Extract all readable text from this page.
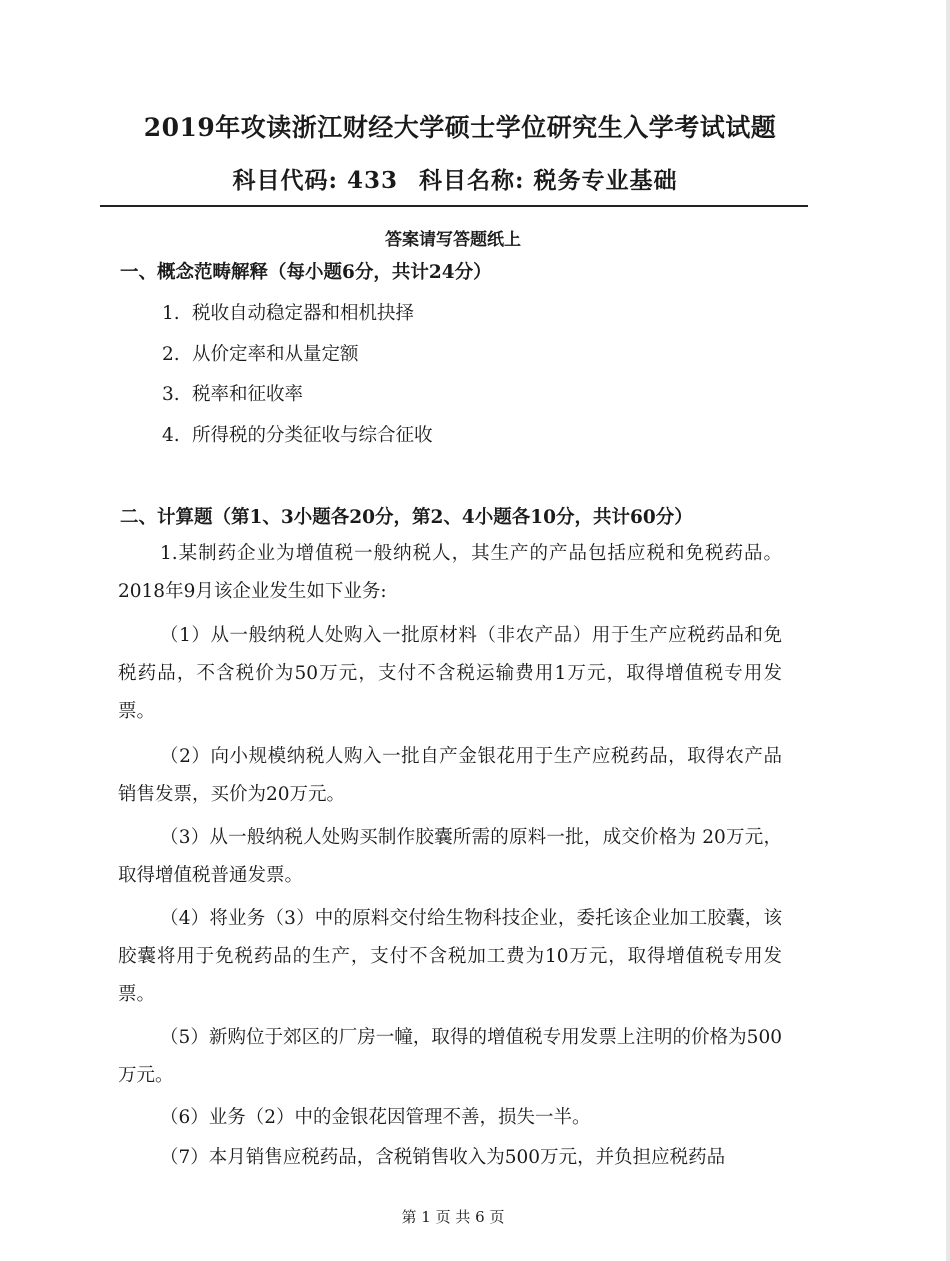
2019年攻读浙江财经大学硕士学位研究生入学考试试题
科目代码: 433 科目名称: 税务专业基础
答案请写答题纸上
一、概念范畴解释（每小题6分，共计24分）
1. 税收自动稳定器和相机抉择
2. 从价定率和从量定额
3. 税率和征收率
4. 所得税的分类征收与综合征收
二、计算题（第1、3小题各20分，第2、4小题各10分，共计60分）
1.某制药企业为增值税一般纳税人，其生产的产品包括应税和免税药品。2018年9月该企业发生如下业务:
（1）从一般纳税人处购入一批原材料（非农产品）用于生产应税药品和免税药品，不含税价为50万元，支付不含税运输费用1万元，取得增值税专用发票。
（2）向小规模纳税人购入一批自产金银花用于生产应税药品，取得农产品销售发票，买价为20万元。
（3）从一般纳税人处购买制作胶囊所需的原料一批，成交价格为 20万元，取得增值税普通发票。
（4）将业务（3）中的原料交付给生物科技企业，委托该企业加工胶囊，该胶囊将用于免税药品的生产，支付不含税加工费为10万元，取得增值税专用发票。
（5）新购位于郊区的厂房一幢，取得的增值税专用发票上注明的价格为500万元。
（6）业务（2）中的金银花因管理不善，损失一半。
（7）本月销售应税药品，含税销售收入为500万元，并负担应税药品
第 1 页 共 6 页
